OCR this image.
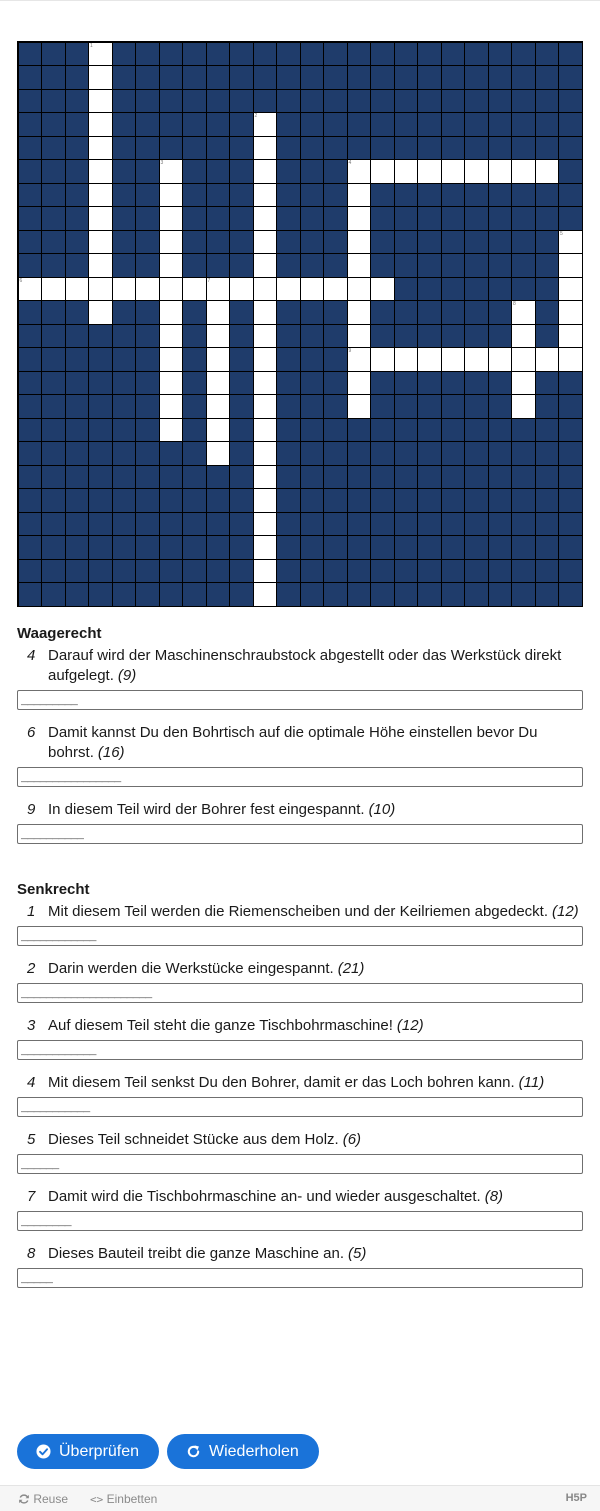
1
2
3	4
5
6	7
8
9
Waagerecht
4 Darauf wird der Maschinenschraubstock abgestellt oder das Werkstück direkt aufgelegt. (9)
_________
6 Damit kannst Du den Bohrtisch auf die optimale Höhe einstellen bevor Du bohrst. (16)
________________
9 In diesem Teil wird der Bohrer fest eingespannt. (10)
__________
Senkrecht
1 Mit diesem Teil werden die Riemenscheiben und der Keilriemen abgedeckt. (12)
____________
2 Darin werden die Werkstücke eingespannt. (21)
_____________________
3 Auf diesem Teil steht die ganze Tischbohrmaschine! (12)
____________
4 Mit diesem Teil senkst Du den Bohrer, damit er das Loch bohren kann. (11)
___________
5 Dieses Teil schneidet Stücke aus dem Holz. (6)
______
7 Damit wird die Tischbohrmaschine an- und wieder ausgeschaltet. (8)
________
8 Dieses Bauteil treibt die ganze Maschine an. (5)
_____
Überprüfen	Wiederholen
Reuse <> Einbetten	H5P
